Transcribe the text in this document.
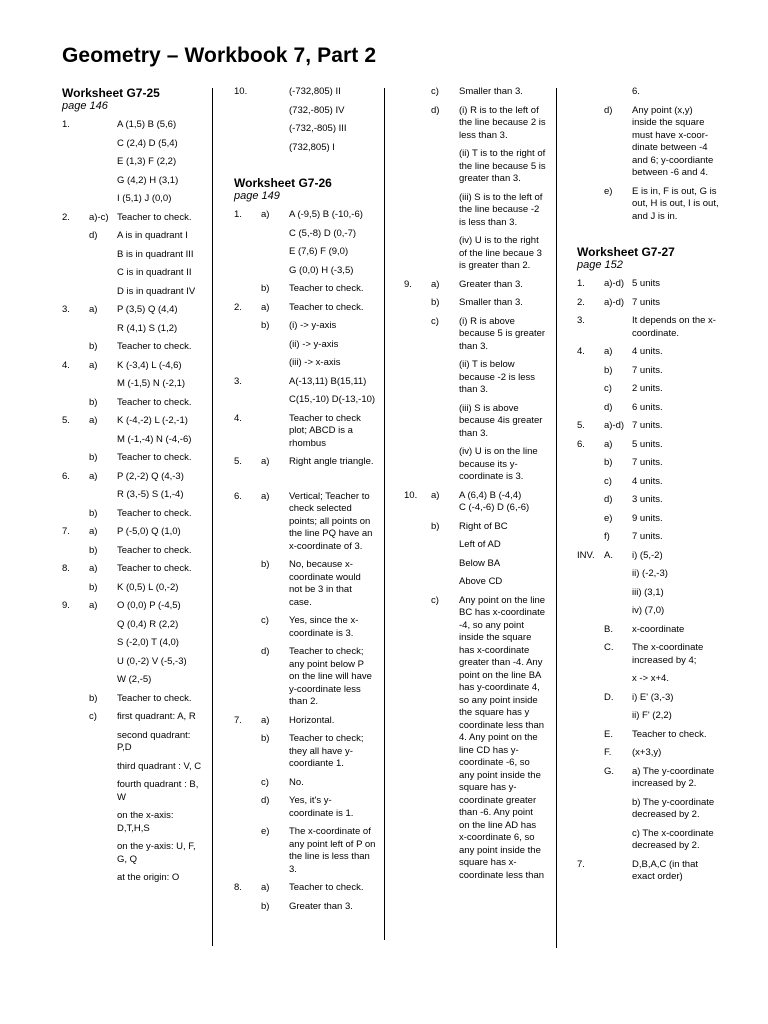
Geometry – Workbook 7, Part 2
Worksheet G7-25
page 146
1.	A (1,5) B (5,6)
C (2,4) D (5,4)
E (1,3) F (2,2)
G (4,2) H (3,1)
I (5,1) J (0,0)
2.	a)-c) Teacher to check.
d)	A is in quadrant I
B is in quadrant III
C is in quadrant II
D is in quadrant IV
3.	a)	P (3,5) Q (4,4)
R (4,1) S (1,2)
b)	Teacher to check.
4.	a)	K (-3,4) L (-4,6)
M (-1,5) N (-2,1)
b)	Teacher to check.
5.	a)	K (-4,-2) L (-2,-1)
M (-1,-4) N (-4,-6)
b)	Teacher to check.
6.	a)	P (2,-2) Q (4,-3)
R (3,-5) S (1,-4)
b)	Teacher to check.
7.	a)	P (-5,0) Q (1,0)
b)	Teacher to check.
8.	a)	Teacher to check.
b)	K (0,5) L (0,-2)
9.	a)	O (0,0) P (-4,5)
Q (0,4) R (2,2)
S (-2,0) T (4,0)
U (0,-2) V (-5,-3)
W (2,-5)
b)	Teacher to check.
c)	first quadrant: A, R
second quadrant:
P,D
third quadrant : V, C
fourth quadrant : B,
W
on the x-axis:
D,T,H,S
on the y-axis: U, F,
G, Q
at the origin: O
10.	(-732,805) II
(732,-805) IV
(-732,-805) III
(732,805) I
Worksheet G7-26
page 149
1.	a)	A (-9,5) B (-10,-6)
C (5,-8) D (0,-7)
E (7,6) F (9,0)
G (0,0) H (-3,5)
b)	Teacher to check.
2.	a)	Teacher to check.
b)	(i) -> y-axis
(ii) -> y-axis
(iii) -> x-axis
3.	A(-13,11) B(15,11)
C(15,-10) D(-13,-10)
4.	Teacher to check
plot; ABCD is a
rhombus
5.	a)	Right angle triangle.
6.	a)	Vertical; Teacher to
check selected
points; all points on
the line PQ have an
x-coordinate of 3.
b)	No, because x-
coordinate would
not be 3 in that
case.
c)	Yes, since the x-
coordinate is 3.
d)	Teacher to check;
any point below P
on the line will have
y-coordinate less
than 2.
7.	a)	Horizontal.
b)	Teacher to check;
they all have y-
coordiante 1.
c)	No.
d)	Yes, it's y-
coordinate is 1.
e)	The x-coordinate of
any point left of P on
the line is less than
3.
8.	a)	Teacher to check.
b)	Greater than 3.
c)	Smaller than 3.
d)	(i) R is to the left of
the line because 2 is
less than 3.
(ii) T is to the right of
the line because 5 is
greater than 3.
(iii) S is to the left of
the line because -2
is less than 3.
(iv) U is to the right
of the line becaue 3
is greater than 2.
9.	a)	Greater than 3.
b)	Smaller than 3.
c)	(i) R is above
because 5 is greater
than 3.
(ii) T is below
because -2 is less
than 3.
(iii) S is above
because 4is greater
than 3.
(iv) U is on the line
because its y-
coordinate is 3.
10.	a)	A (6,4) B (-4,4)
C (-4,-6) D (6,-6)
b)	Right of BC
Left of AD
Below BA
Above CD
c)	Any point on the line
BC has x-coordinate
-4, so any point
inside the square
has x-coordinate
greater than -4. Any
point on the line BA
has y-coordinate 4,
so any point inside
the square has y
coordinate less than
4. Any point on the
line CD has y-
coordinate -6, so
any point inside the
square has y-
coordinate greater
than -6. Any point
on the line AD has
x-coordinate 6, so
any point inside the
square has x-
coordinate less than
6.
d)	Any point (x,y)
inside the square
must have x-coor-
dinate between -4
and 6; y-coordiante
between -6 and 4.
e)	E is in, F is out, G is
out, H is out, I is out,
and J is in.
Worksheet G7-27
page 152
1.	a)-d) 5 units
2.	a)-d) 7 units
3.	It depends on the x-
coordinate.
4.	a)	4 units.
b)	7 units.
c)	2 units.
d)	6 units.
5.	a)-d) 7 units.
6.	a)	5 units.
b)	7 units.
c)	4 units.
d)	3 units.
e)	9 units.
f)	7 units.
INV. A.	i) (5,-2)
ii) (-2,-3)
iii) (3,1)
iv) (7,0)
B.	x-coordinate
C.	The x-coordinate
increased by 4;
x -> x+4.
D.	i) E' (3,-3)
ii) F' (2,2)
E.	Teacher to check.
F.	(x+3,y)
G.	a) The y-coordinate
increased by 2.
b) The y-coordinate
decreased by 2.
c) The x-coordinate
decreased by 2.
7.	D,B,A,C (in that
exact order)
